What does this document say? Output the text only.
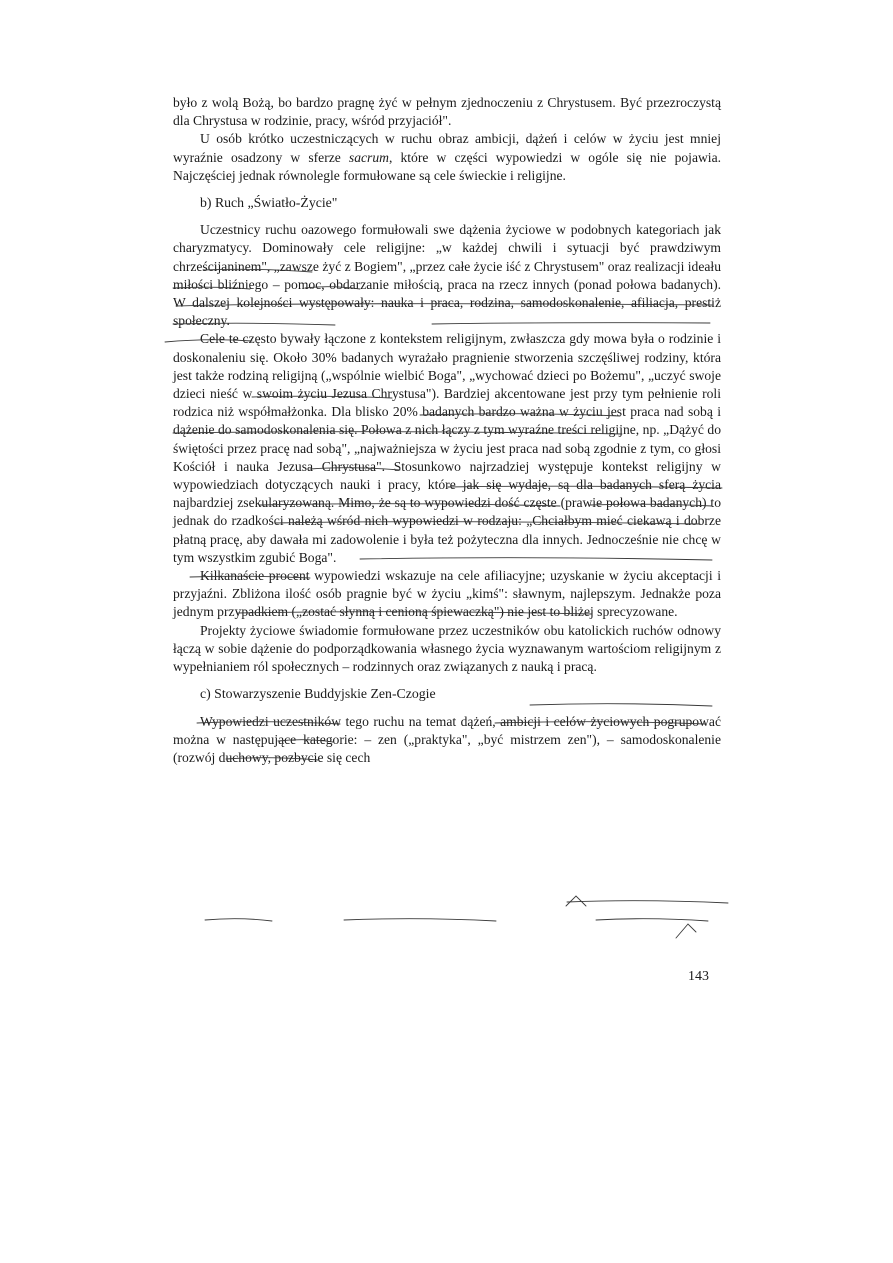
było z wolą Bożą, bo bardzo pragnę żyć w pełnym zjednoczeniu z Chrystusem. Być przezroczystą dla Chrystusa w rodzinie, pracy, wśród przyjaciół".

U osób krótko uczestniczących w ruchu obraz ambicji, dążeń i celów w życiu jest mniej wyraźnie osadzony w sferze sacrum, które w części wypowiedzi w ogóle się nie pojawia. Najczęściej jednak równolegle formułowane są cele świeckie i religijne.

b) Ruch „Światło-Życie"

Uczestnicy ruchu oazowego formułowali swe dążenia życiowe w podobnych kategoriach jak charyzmatycy. Dominowały cele religijne: „w każdej chwili i sytuacji być prawdziwym chrześcijaninem", „zawsze żyć z Bogiem", „przez całe życie iść z Chrystusem" oraz realizacji ideału miłości bliźniego – pomoc, obdarzanie miłością, praca na rzecz innych (ponad połowa badanych). W dalszej kolejności występowały: nauka i praca, rodzina, samodoskonalenie, afiliacja, prestiż społeczny.

Cele te często bywały łączone z kontekstem religijnym, zwłaszcza gdy mowa była o rodzinie i doskonaleniu się. Około 30% badanych wyrażało pragnienie stworzenia szczęśliwej rodziny, która jest także rodziną religijną („wspólnie wielbić Boga", „wychować dzieci po Bożemu", „uczyć swoje dzieci nieść w swoim życiu Jezusa Chrystusa"). Bardziej akcentowane jest przy tym pełnienie roli rodzica niż współmałżonka. Dla blisko 20% badanych bardzo ważna w życiu jest praca nad sobą i dążenie do samodoskonalenia się. Połowa z nich łączy z tym wyraźne treści religijne, np. „Dążyć do świętości przez pracę nad sobą", „najważniejsza w życiu jest praca nad sobą zgodnie z tym, co głosi Kościół i nauka Jezusa Chrystusa". Stosunkowo najrzadziej występuje kontekst religijny w wypowiedziach dotyczących nauki i pracy, które jak się wydaje, są dla badanych sferą życia najbardziej zsekularyzowaną. Mimo, że są to wypowiedzi dość częste (prawie połowa badanych) to jednak do rzadkości należą wśród nich wypowiedzi w rodzaju: „Chciałbym mieć ciekawą i dobrze płatną pracę, aby dawała mi zadowolenie i była też pożyteczna dla innych. Jednocześnie nie chcę w tym wszystkim zgubić Boga".

Kilkanaście procent wypowiedzi wskazuje na cele afiliacyjne; uzyskanie w życiu akceptacji i przyjaźni. Zbliżona ilość osób pragnie być w życiu „kimś": sławnym, najlepszym. Jednakże poza jednym przypadkiem („zostać słynną i cenioną śpiewaczką") nie jest to bliżej sprecyzowane.

Projekty życiowe świadomie formułowane przez uczestników obu katolickich ruchów odnowy łączą w sobie dążenie do podporządkowania własnego życia wyznawanym wartościom religijnym z wypełnianiem ról społecznych – rodzinnych oraz związanych z nauką i pracą.

c) Stowarzyszenie Buddyjskie Zen-Czogie

Wypowiedzi uczestników tego ruchu na temat dążeń, ambicji i celów życiowych pogrupować można w następujące kategorie: – zen („praktyka", „być mistrzem zen"), – samodoskonalenie (rozwój duchowy, pozbycie się cech

143
